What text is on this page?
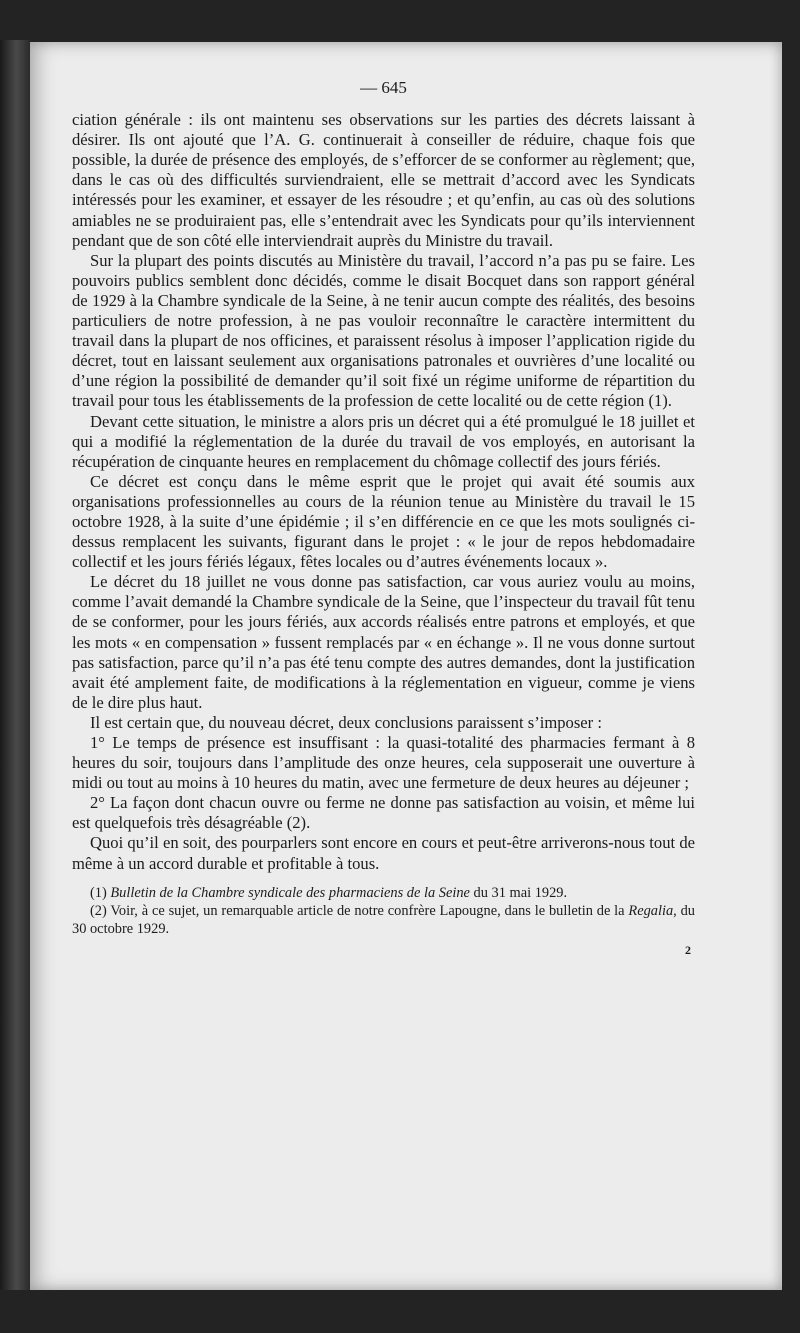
— 645

ciation générale : ils ont maintenu ses observations sur les parties des décrets laissant à désirer. Ils ont ajouté que l’A. G. continuerait à conseiller de réduire, chaque fois que possible, la durée de présence des employés, de s’efforcer de se conformer au règlement; que, dans le cas où des difficultés surviendraient, elle se mettrait d’accord avec les Syndicats intéressés pour les examiner, et essayer de les résoudre ; et qu’enfin, au cas où des solutions amiables ne se produiraient pas, elle s’entendrait avec les Syndicats pour qu’ils interviennent pendant que de son côté elle interviendrait auprès du Ministre du travail.

Sur la plupart des points discutés au Ministère du travail, l’accord n’a pas pu se faire. Les pouvoirs publics semblent donc décidés, comme le disait Bocquet dans son rapport général de 1929 à la Chambre syndicale de la Seine, à ne tenir aucun compte des réalités, des besoins particuliers de notre profession, à ne pas vouloir reconnaître le caractère intermittent du travail dans la plupart de nos officines, et paraissent résolus à imposer l’application rigide du décret, tout en laissant seulement aux organisations patronales et ouvrières d’une localité ou d’une région la possibilité de demander qu’il soit fixé un régime uniforme de répartition du travail pour tous les établissements de la profession de cette localité ou de cette région (1).

Devant cette situation, le ministre a alors pris un décret qui a été promulgué le 18 juillet et qui a modifié la réglementation de la durée du travail de vos employés, en autorisant la récupération de cinquante heures en remplacement du chômage collectif des jours fériés.

Ce décret est conçu dans le même esprit que le projet qui avait été soumis aux organisations professionnelles au cours de la réunion tenue au Ministère du travail le 15 octobre 1928, à la suite d’une épidémie ; il s’en différencie en ce que les mots soulignés ci-dessus remplacent les suivants, figurant dans le projet : « le jour de repos hebdomadaire collectif et les jours fériés légaux, fêtes locales ou d’autres événements locaux ».

Le décret du 18 juillet ne vous donne pas satisfaction, car vous auriez voulu au moins, comme l’avait demandé la Chambre syndicale de la Seine, que l’inspecteur du travail fût tenu de se conformer, pour les jours fériés, aux accords réalisés entre patrons et employés, et que les mots « en compensation » fussent remplacés par « en échange ». Il ne vous donne surtout pas satisfaction, parce qu’il n’a pas été tenu compte des autres demandes, dont la justification avait été amplement faite, de modifications à la réglementation en vigueur, comme je viens de le dire plus haut.

Il est certain que, du nouveau décret, deux conclusions paraissent s’imposer :

1° Le temps de présence est insuffisant : la quasi-totalité des pharmacies fermant à 8 heures du soir, toujours dans l’amplitude des onze heures, cela supposerait une ouverture à midi ou tout au moins à 10 heures du matin, avec une fermeture de deux heures au déjeuner ;

2° La façon dont chacun ouvre ou ferme ne donne pas satisfaction au voisin, et même lui est quelquefois très désagréable (2).

Quoi qu’il en soit, des pourparlers sont encore en cours et peut-être arriverons-nous tout de même à un accord durable et profitable à tous.

(1) Bulletin de la Chambre syndicale des pharmaciens de la Seine du 31 mai 1929.

(2) Voir, à ce sujet, un remarquable article de notre confrère Lapougne, dans le bulletin de la Regalia, du 30 octobre 1929.

2
